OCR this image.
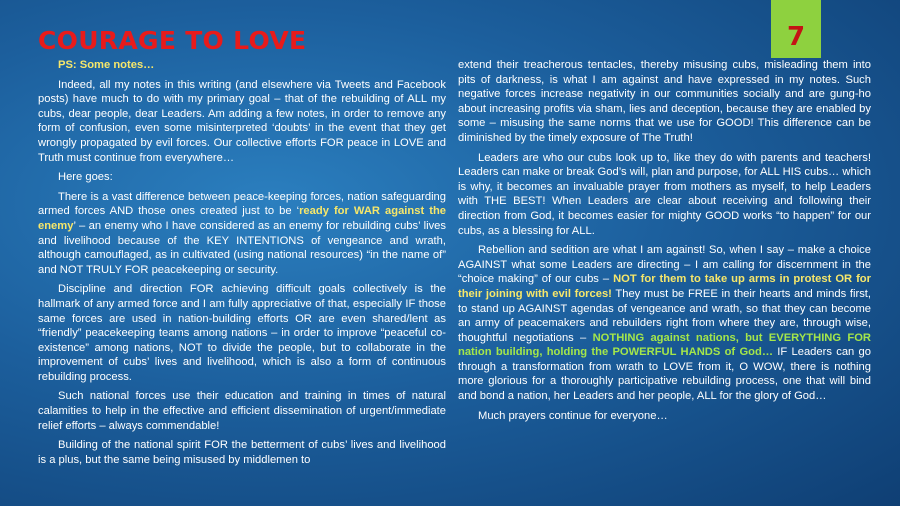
COURAGE TO LOVE	7

PS: Some notes…

Indeed, all my notes in this writing (and elsewhere via Tweets and Facebook posts) have much to do with my primary goal – that of the rebuilding of ALL my cubs, dear people, dear Leaders. Am adding a few notes, in order to remove any form of confusion, even some misinterpreted ‘doubts’ in the event that they get wrongly propagated by evil forces. Our collective efforts FOR peace in LOVE and Truth must continue from everywhere…

Here goes:

There is a vast difference between peace-keeping forces, nation safeguarding armed forces AND those ones created just to be ‘ready for WAR against the enemy’ – an enemy who I have considered as an enemy for rebuilding cubs’ lives and livelihood because of the KEY INTENTIONS of vengeance and wrath, although camouflaged, as in cultivated (using national resources) “in the name of” and NOT TRULY FOR peacekeeping or security.

Discipline and direction FOR achieving difficult goals collectively is the hallmark of any armed force and I am fully appreciative of that, especially IF those same forces are used in nation-building efforts OR are even shared/lent as “friendly” peacekeeping teams among nations – in order to improve “peaceful co-existence” among nations, NOT to divide the people, but to collaborate in the improvement of cubs’ lives and livelihood, which is also a form of continuous rebuilding process.

Such national forces use their education and training in times of natural calamities to help in the effective and efficient dissemination of urgent/immediate relief efforts – always commendable!

Building of the national spirit FOR the betterment of cubs’ lives and livelihood is a plus, but the same being misused by middlemen to

extend their treacherous tentacles, thereby misusing cubs, misleading them into pits of darkness, is what I am against and have expressed in my notes. Such negative forces increase negativity in our communities socially and are gung-ho about increasing profits via sham, lies and deception, because they are enabled by some – misusing the same norms that we use for GOOD! This difference can be diminished by the timely exposure of The Truth!

Leaders are who our cubs look up to, like they do with parents and teachers! Leaders can make or break God’s will, plan and purpose, for ALL HIS cubs… which is why, it becomes an invaluable prayer from mothers as myself, to help Leaders with THE BEST! When Leaders are clear about receiving and following their direction from God, it becomes easier for mighty GOOD works “to happen” for our cubs, as a blessing for ALL.

Rebellion and sedition are what I am against! So, when I say – make a choice AGAINST what some Leaders are directing – I am calling for discernment in the “choice making” of our cubs – NOT for them to take up arms in protest OR for their joining with evil forces! They must be FREE in their hearts and minds first, to stand up AGAINST agendas of vengeance and wrath, so that they can become an army of peacemakers and rebuilders right from where they are, through wise, thoughtful negotiations – NOTHING against nations, but EVERYTHING FOR nation building, holding the POWERFUL HANDS of God… IF Leaders can go through a transformation from wrath to LOVE from it, O WOW, there is nothing more glorious for a thoroughly participative rebuilding process, one that will bind and bond a nation, her Leaders and her people, ALL for the glory of God…

Much prayers continue for everyone…
